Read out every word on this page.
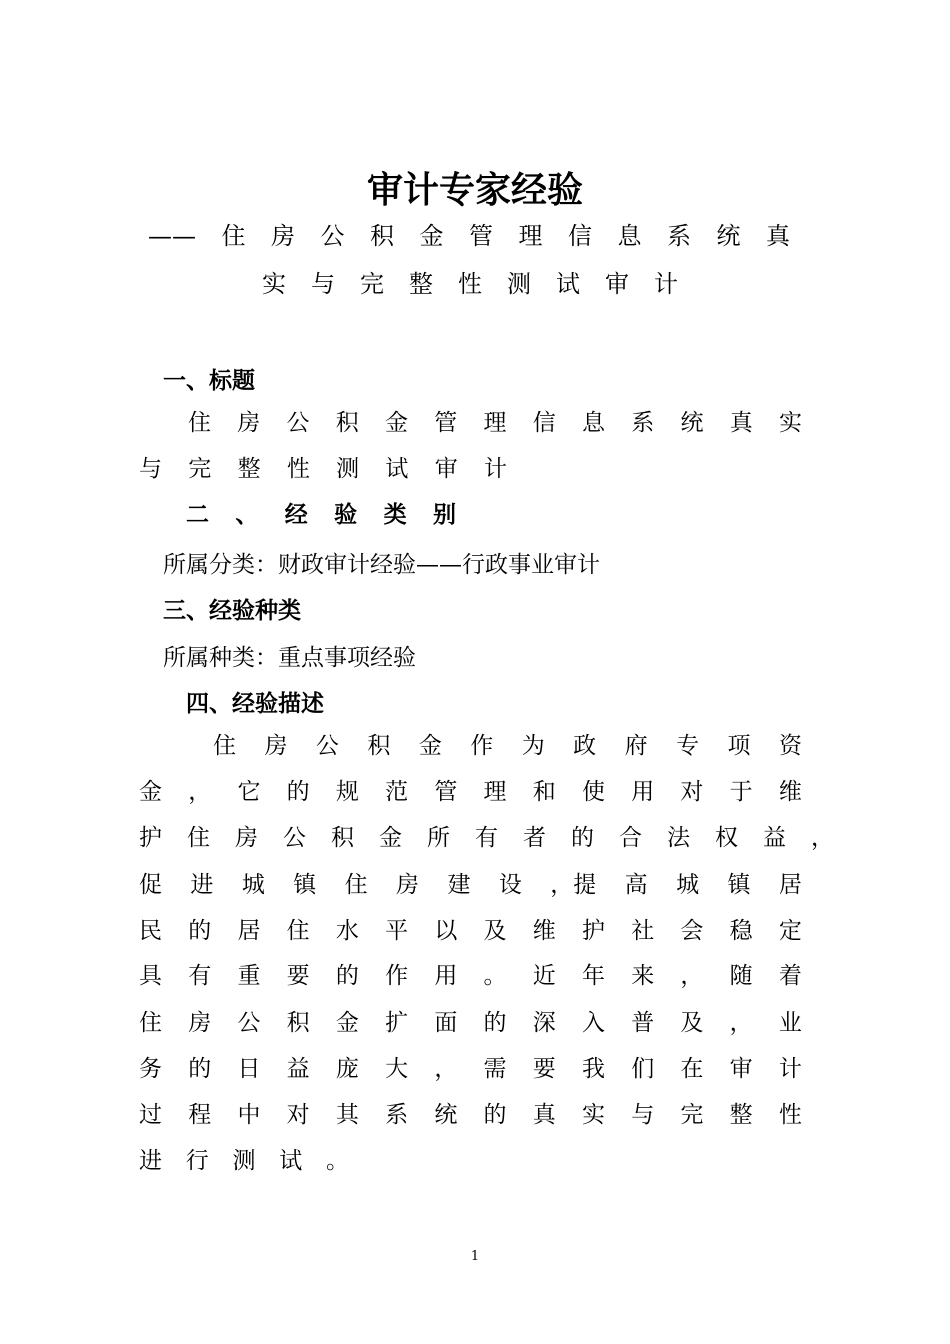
审计专家经验
—— 住 房 公 积 金 管 理 信 息 系 统 真
实 与 完 整 性 测 试 审 计
一、标题
住 房 公 积 金 管 理 信 息 系 统 真 实
与 完 整 性 测 试 审 计
二 、 经 验 类 别
所属分类：财政审计经验——行政事业审计
三、经验种类
所属种类：重点事项经验
四、经验描述
住 房 公 积 金 作 为 政 府 专 项 资
金 ， 它 的 规 范 管 理 和 使 用 对 于 维
护 住 房 公 积 金 所 有 者 的 合 法 权 益 ，
促 进 城 镇 住 房 建 设 ，提 高 城 镇 居
民 的 居 住 水 平 以 及 维 护 社 会 稳 定
具 有 重 要 的 作 用 。 近 年 来 ， 随 着
住 房 公 积 金 扩 面 的 深 入 普 及 ， 业
务 的 日 益 庞 大 ， 需 要 我 们 在 审 计
过 程 中 对 其 系 统 的 真 实 与 完 整 性
进 行 测 试 。
1
